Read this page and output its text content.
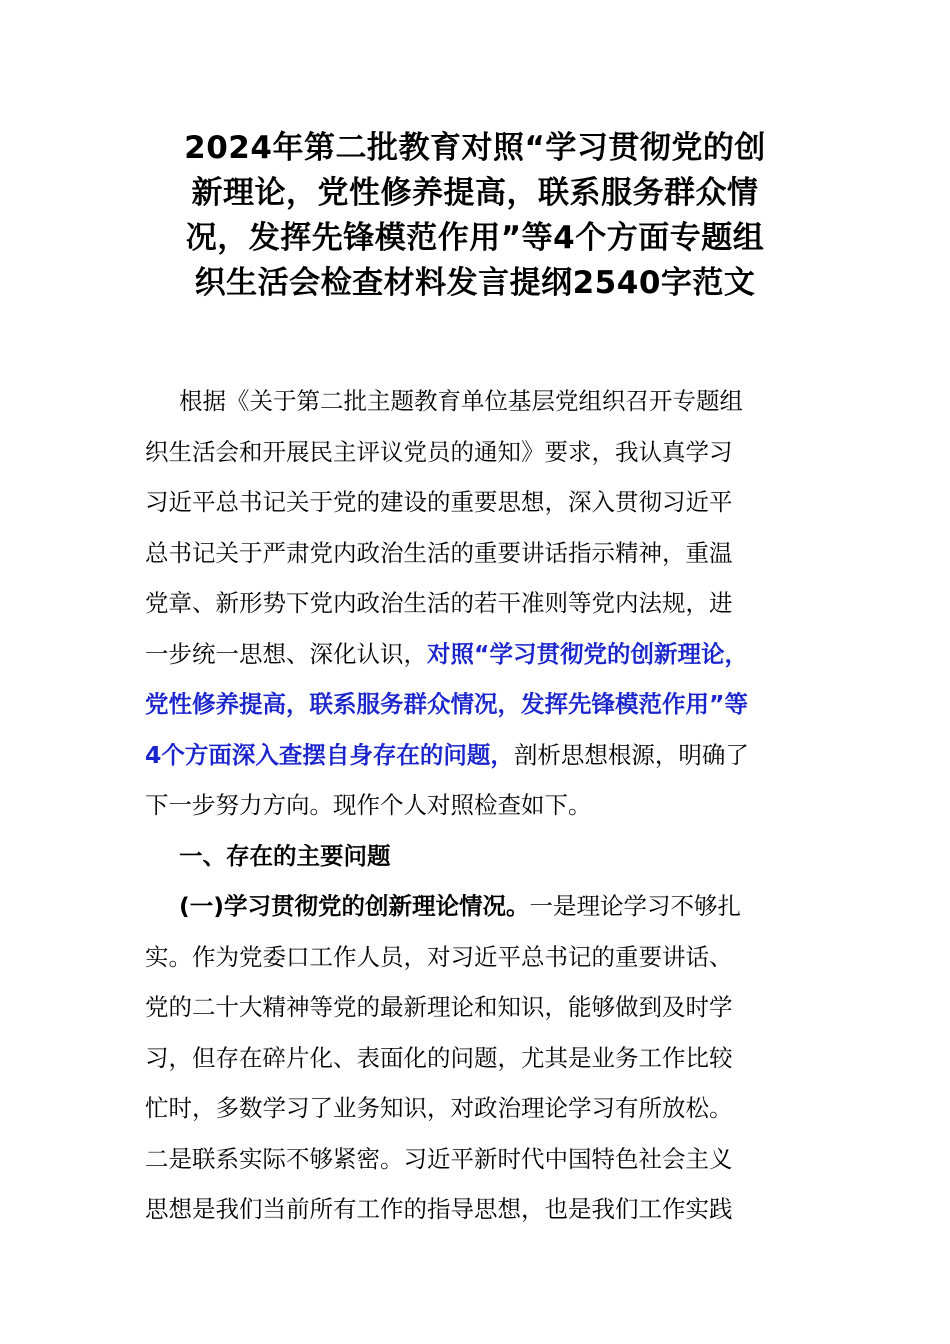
2024年第二批教育对照“学习贯彻党的创
新理论，党性修养提高，联系服务群众情
况，发挥先锋模范作用”等4个方面专题组
织生活会检查材料发言提纲2540字范文
根据《关于第二批主题教育单位基层党组织召开专题组
织生活会和开展民主评议党员的通知》要求，我认真学习
习近平总书记关于党的建设的重要思想，深入贯彻习近平
总书记关于严肃党内政治生活的重要讲话指示精神，重温
党章、新形势下党内政治生活的若干准则等党内法规，进
一步统一思想、深化认识，对照“学习贯彻党的创新理论，
党性修养提高，联系服务群众情况，发挥先锋模范作用”等
4个方面深入查摆自身存在的问题，剖析思想根源，明确了
下一步努力方向。现作个人对照检查如下。
一、存在的主要问题
(一)学习贯彻党的创新理论情况。一是理论学习不够扎
实。作为党委口工作人员，对习近平总书记的重要讲话、
党的二十大精神等党的最新理论和知识，能够做到及时学
习，但存在碎片化、表面化的问题，尤其是业务工作比较
忙时，多数学习了业务知识，对政治理论学习有所放松。
二是联系实际不够紧密。习近平新时代中国特色社会主义
思想是我们当前所有工作的指导思想，也是我们工作实践
